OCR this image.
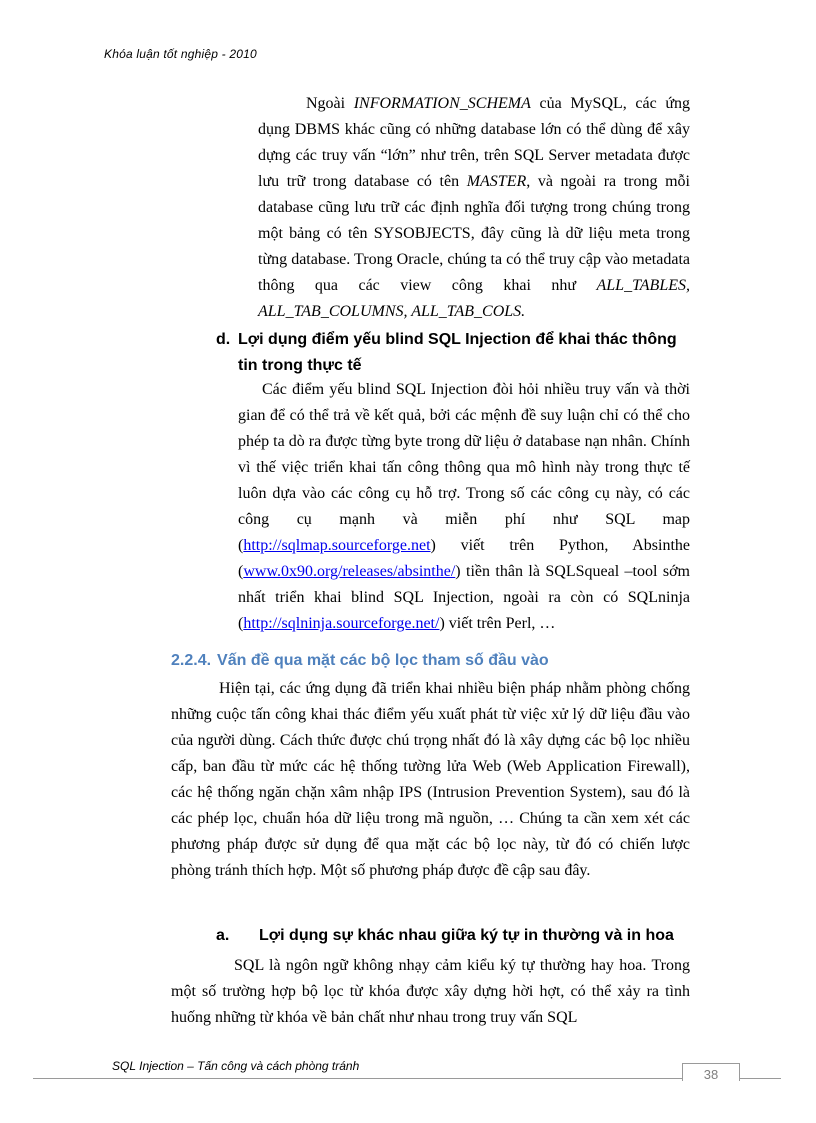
Khóa luận tốt nghiệp - 2010

Ngoài INFORMATION_SCHEMA của MySQL, các ứng dụng DBMS khác cũng có những database lớn có thể dùng để xây dựng các truy vấn “lớn” như trên, trên SQL Server metadata được lưu trữ trong database có tên MASTER, và ngoài ra trong mỗi database cũng lưu trữ các định nghĩa đối tượng trong chúng trong một bảng có tên SYSOBJECTS, đây cũng là dữ liệu meta trong từng database. Trong Oracle, chúng ta có thể truy cập vào metadata thông qua các view công khai như ALL_TABLES, ALL_TAB_COLUMNS, ALL_TAB_COLS.

d. Lợi dụng điểm yếu blind SQL Injection để khai thác thông
tin trong thực tế

Các điểm yếu blind SQL Injection đòi hỏi nhiều truy vấn và thời gian để có thể trả về kết quả, bởi các mệnh đề suy luận chỉ có thể cho phép ta dò ra được từng byte trong dữ liệu ở database nạn nhân. Chính vì thế việc triển khai tấn công thông qua mô hình này trong thực tế luôn dựa vào các công cụ hỗ trợ. Trong số các công cụ này, có các công cụ mạnh và miễn phí như SQL map (http://sqlmap.sourceforge.net) viết trên Python, Absinthe (www.0x90.org/releases/absinthe/) tiền thân là SQLSqueal –tool sớm nhất triển khai blind SQL Injection, ngoài ra còn có SQLninja (http://sqlninja.sourceforge.net/) viết trên Perl, …

2.2.4. Vấn đề qua mặt các bộ lọc tham số đầu vào

Hiện tại, các ứng dụng đã triển khai nhiều biện pháp nhằm phòng chống những cuộc tấn công khai thác điểm yếu xuất phát từ việc xử lý dữ liệu đầu vào của người dùng. Cách thức được chú trọng nhất đó là xây dựng các bộ lọc nhiều cấp, ban đầu từ mức các hệ thống tường lửa Web (Web Application Firewall), các hệ thống ngăn chặn xâm nhập IPS (Intrusion Prevention System), sau đó là các phép lọc, chuẩn hóa dữ liệu trong mã nguồn, … Chúng ta cần xem xét các phương pháp được sử dụng để qua mặt các bộ lọc này, từ đó có chiến lược phòng tránh thích hợp. Một số phương pháp được đề cập sau đây.

a. Lợi dụng sự khác nhau giữa ký tự in thường và in hoa

SQL là ngôn ngữ không nhạy cảm kiểu ký tự thường hay hoa. Trong một số trường hợp bộ lọc từ khóa được xây dựng hời hợt, có thể xảy ra tình huống những từ khóa về bản chất như nhau trong truy vấn SQL

SQL Injection – Tấn công và cách phòng tránh
38
